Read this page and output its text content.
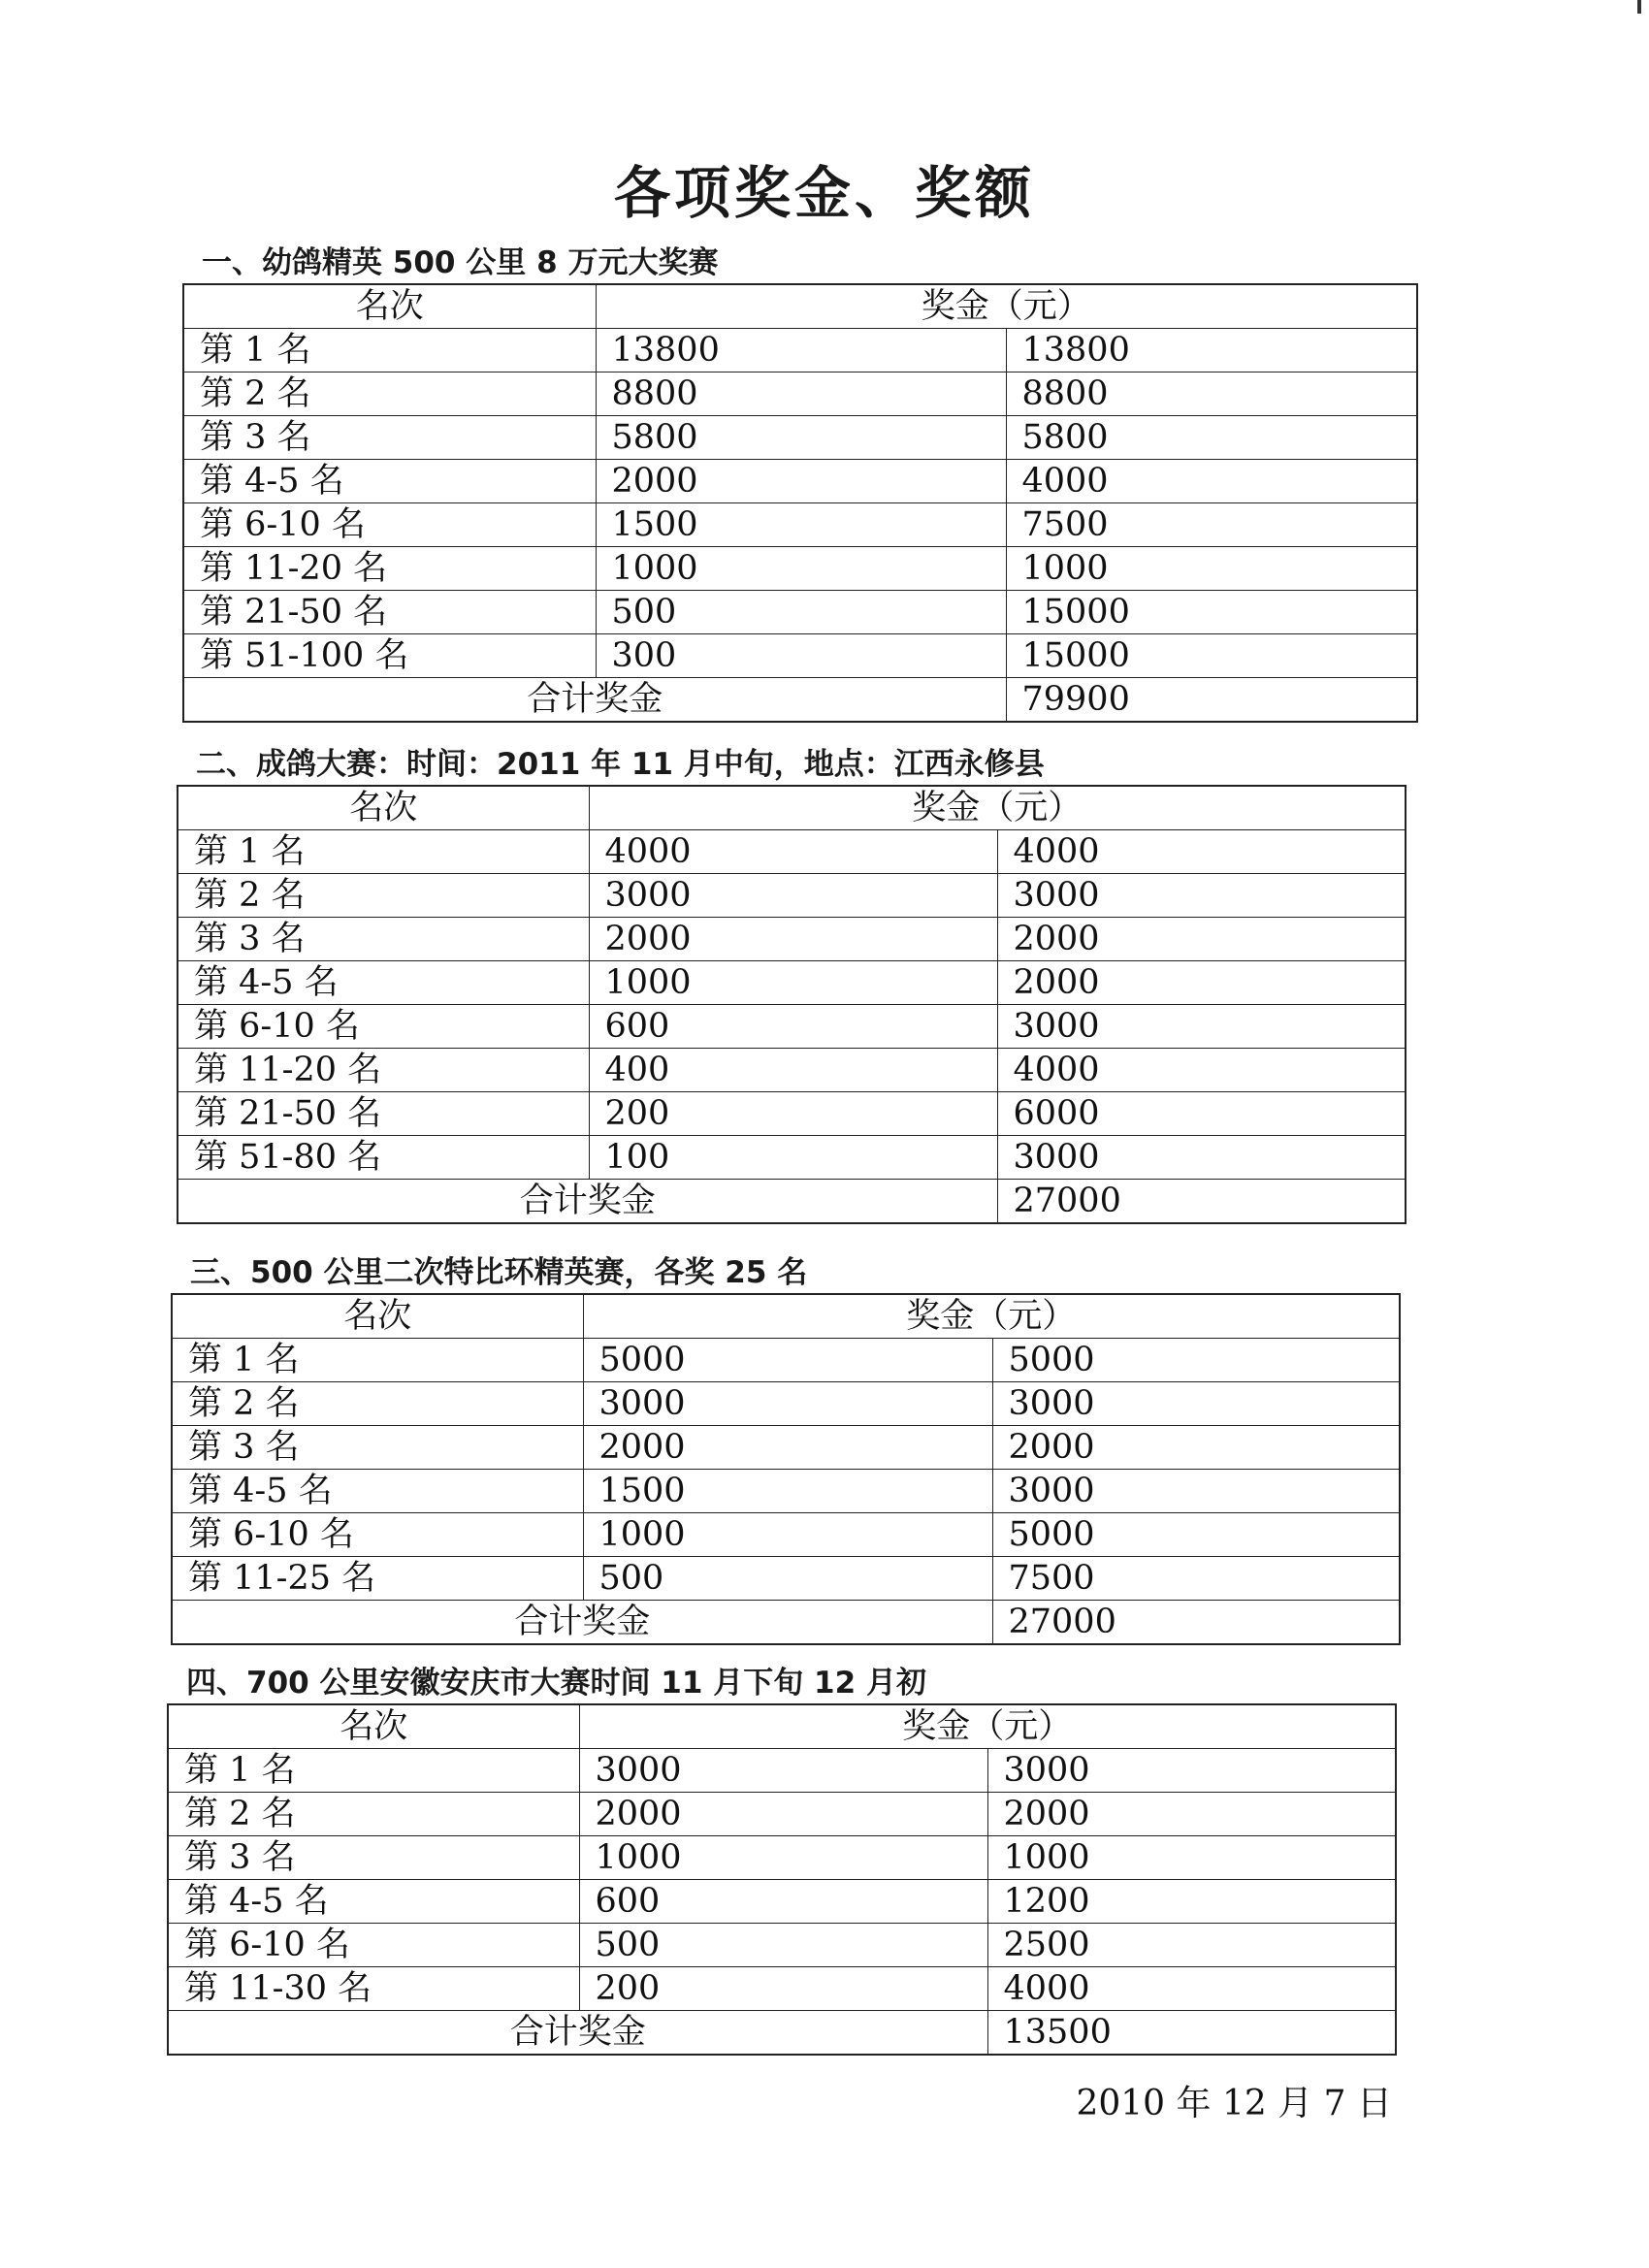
各项奖金、奖额
一、幼鸽精英 500 公里 8 万元大奖赛
名次	奖金（元）	
第 1 名	13800	13800
第 2 名	8800	8800
第 3 名	5800	5800
第 4-5 名	2000	4000
第 6-10 名	1500	7500
第 11-20 名	1000	1000
第 21-50 名	500	15000
第 51-100 名	300	15000
合计奖金		79900
二、成鸽大赛：时间：2011 年 11 月中旬，地点：江西永修县
名次	奖金（元）	
第 1 名	4000	4000
第 2 名	3000	3000
第 3 名	2000	2000
第 4-5 名	1000	2000
第 6-10 名	600	3000
第 11-20 名	400	4000
第 21-50 名	200	6000
第 51-80 名	100	3000
合计奖金		27000
三、500 公里二次特比环精英赛，各奖 25 名
名次	奖金（元）	
第 1 名	5000	5000
第 2 名	3000	3000
第 3 名	2000	2000
第 4-5 名	1500	3000
第 6-10 名	1000	5000
第 11-25 名	500	7500
合计奖金		27000
四、700 公里安徽安庆市大赛时间 11 月下旬 12 月初
名次	奖金（元）	
第 1 名	3000	3000
第 2 名	2000	2000
第 3 名	1000	1000
第 4-5 名	600	1200
第 6-10 名	500	2500
第 11-30 名	200	4000
合计奖金		13500
2010 年 12 月 7 日
